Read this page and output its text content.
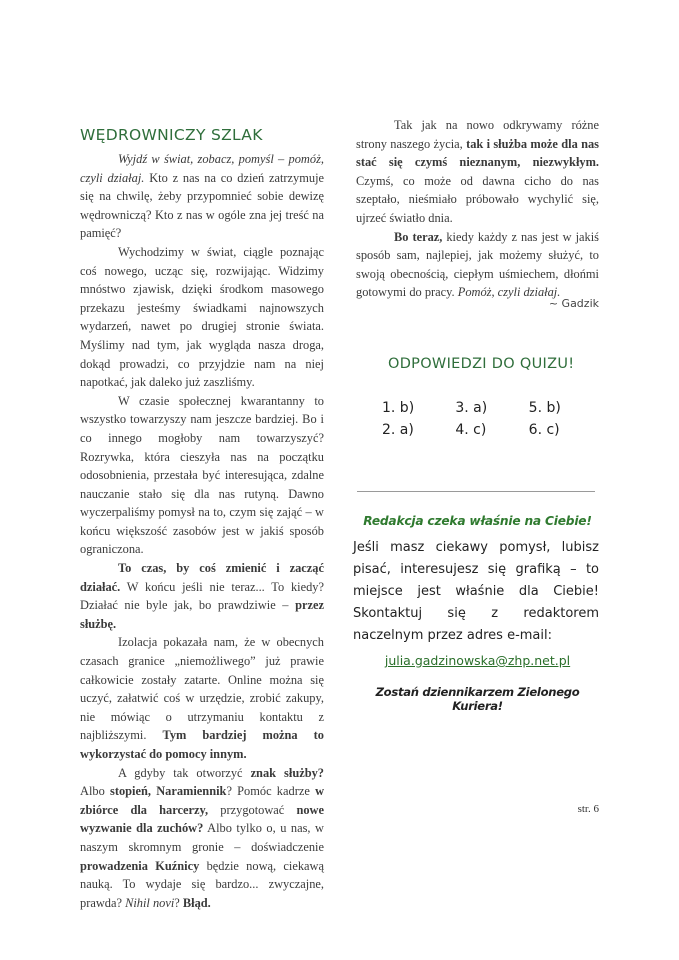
WĘDROWNICZY SZLAK

Wyjdź w świat, zobacz, pomyśl – pomóż, czyli działaj. Kto z nas na co dzień zatrzymuje się na chwilę, żeby przypomnieć sobie dewizę wędrowniczą? Kto z nas w ogóle zna jej treść na pamięć?

Wychodzimy w świat, ciągle poznając coś nowego, ucząc się, rozwijając. Widzimy mnóstwo zjawisk, dzięki środkom masowego przekazu jesteśmy świadkami najnowszych wydarzeń, nawet po drugiej stronie świata. Myślimy nad tym, jak wygląda nasza droga, dokąd prowadzi, co przyjdzie nam na niej napotkać, jak daleko już zaszliśmy.

W czasie społecznej kwarantanny to wszystko towarzyszy nam jeszcze bardziej. Bo i co innego mogłoby nam towarzyszyć? Rozrywka, która cieszyła nas na początku odosobnienia, przestała być interesująca, zdalne nauczanie stało się dla nas rutyną. Dawno wyczerpaliśmy pomysł na to, czym się zająć – w końcu większość zasobów jest w jakiś sposób ograniczona.

To czas, by coś zmienić i zacząć działać. W końcu jeśli nie teraz... To kiedy? Działać nie byle jak, bo prawdziwie – przez służbę.

Izolacja pokazała nam, że w obecnych czasach granice „niemożliwego” już prawie całkowicie zostały zatarte. Online można się uczyć, załatwić coś w urzędzie, zrobić zakupy, nie mówiąc o utrzymaniu kontaktu z najbliższymi. Tym bardziej można to wykorzystać do pomocy innym.

A gdyby tak otworzyć znak służby? Albo stopień, Naramiennik? Pomóc kadrze w zbiórce dla harcerzy, przygotować nowe wyzwanie dla zuchów? Albo tylko o, u nas, w naszym skromnym gronie – doświadczenie prowadzenia Kuźnicy będzie nową, ciekawą nauką. To wydaje się bardzo... zwyczajne, prawda? Nihil novi? Błąd.

Tak jak na nowo odkrywamy różne strony naszego życia, tak i służba może dla nas stać się czymś nieznanym, niezwykłym. Czymś, co może od dawna cicho do nas szeptało, nieśmiało próbowało wychylić się, ujrzeć światło dnia.

Bo teraz, kiedy każdy z nas jest w jakiś sposób sam, najlepiej, jak możemy służyć, to swoją obecnością, ciepłym uśmiechem, dłońmi gotowymi do pracy. Pomóż, czyli działaj.

~ Gadzik
ODPOWIEDZI DO QUIZU!
1. b)	3. a)	5. b)
2. a)	4. c)	6. c)
Redakcja czeka właśnie na Ciebie!
Jeśli masz ciekawy pomysł, lubisz pisać, interesujesz się grafiką – to miejsce jest właśnie dla Ciebie! Skontaktuj się z redaktorem naczelnym przez adres e-mail:
julia.gadzinowska@zhp.net.pl
Zostań dziennikarzem Zielonego Kuriera!
str. 6
